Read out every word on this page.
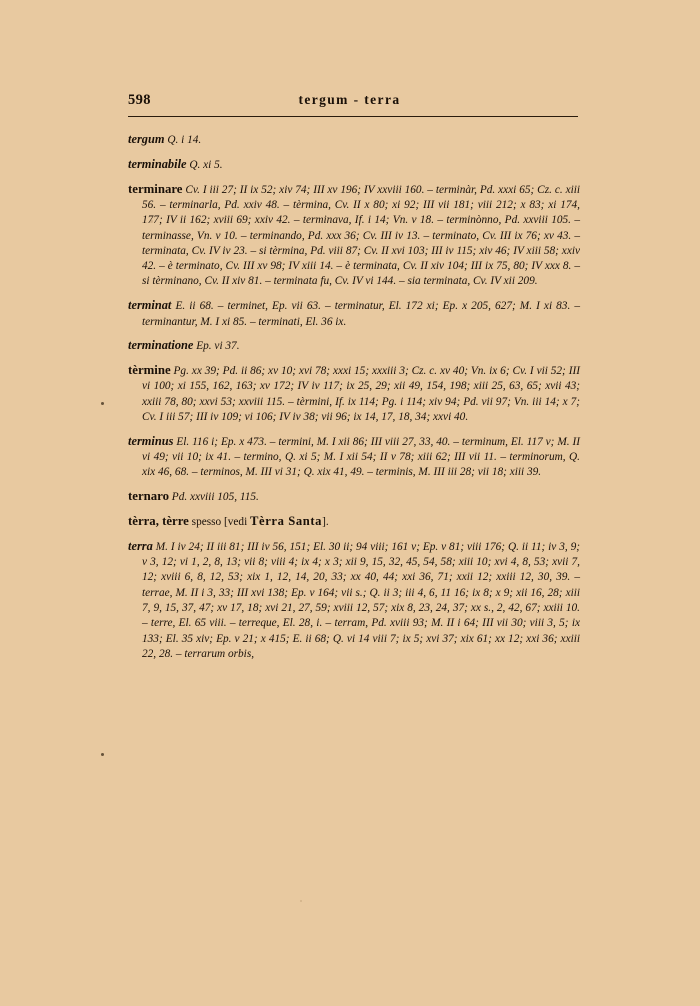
598	tergum - terra
tergum Q. i 14.
terminabile Q. xi 5.
terminare Cv. I iii 27; II ix 52; xiv 74; III xv 196; IV xxviii 160. – terminàr, Pd. xxxi 65; Cz. c. xiii 56. – terminarla, Pd. xxiv 48. – tèrmina, Cv. II x 80; xi 92; III vii 181; viii 212; x 83; xi 174, 177; IV ii 162; xviii 69; xxiv 42. – terminava, If. i 14; Vn. v 18. – terminònno, Pd. xxviii 105. – terminasse, Vn. v 10. – terminando, Pd. xxx 36; Cv. III iv 13. – terminato, Cv. III ix 76; xv 43. – terminata, Cv. IV iv 23. – si tèrmina, Pd. viii 87; Cv. II xvi 103; III iv 115; xiv 46; IV xiii 58; xxiv 42. – è terminato, Cv. III xv 98; IV xiii 14. – è terminata, Cv. II xiv 104; III ix 75, 80; IV xxx 8. – si tèrminano, Cv. II xiv 81. – terminata fu, Cv. IV vi 144. – sia terminata, Cv. IV xii 209.
terminat E. ii 68. – terminet, Ep. vii 63. – terminatur, El. 172 xi; Ep. x 205, 627; M. I xi 83. – terminantur, M. I xi 85. – terminati, El. 36 ix.
terminatione Ep. vi 37.
tèrmine Pg. xx 39; Pd. ii 86; xv 10; xvi 78; xxxi 15; xxxiii 3; Cz. c. xv 40; Vn. ix 6; Cv. I vii 52; III vi 100; xi 155, 162, 163; xv 172; IV iv 117; ix 25, 29; xii 49, 154, 198; xiii 25, 63, 65; xvii 43; xxiii 78, 80; xxvi 53; xxviii 115. – tèrmini, If. ix 114; Pg. i 114; xiv 94; Pd. vii 97; Vn. iii 14; x 7; Cv. I iii 57; III iv 109; vi 106; IV iv 38; vii 96; ix 14, 17, 18, 34; xxvi 40.
terminus El. 116 i; Ep. x 473. – termini, M. I xii 86; III viii 27, 33, 40. – terminum, El. 117 v; M. II vi 49; vii 10; ix 41. – termino, Q. xi 5; M. I xii 54; II v 78; xiii 62; III vii 11. – terminorum, Q. xix 46, 68. – terminos, M. III vi 31; Q. xix 41, 49. – terminis, M. III iii 28; vii 18; xiii 39.
ternaro Pd. xxviii 105, 115.
tèrra, tèrre spesso [vedi Tèrra Santa].
terra M. I iv 24; II iii 81; III iv 56, 151; El. 30 ii; 94 viii; 161 v; Ep. v 81; viii 176; Q. ii 11; iv 3, 9; v 3, 12; vi 1, 2, 8, 13; vii 8; viii 4; ix 4; x 3; xii 9, 15, 32, 45, 54, 58; xiii 10; xvi 4, 8, 53; xvii 7, 12; xviii 6, 8, 12, 53; xix 1, 12, 14, 20, 33; xx 40, 44; xxi 36, 71; xxii 12; xxiii 12, 30, 39. – terrae, M. II i 3, 33; III xvi 138; Ep. v 164; vii s.; Q. ii 3; iii 4, 6, 11 16; ix 8; x 9; xii 16, 28; xiii 7, 9, 15, 37, 47; xv 17, 18; xvi 21, 27, 59; xviii 12, 57; xix 8, 23, 24, 37; xx s., 2, 42, 67; xxiii 10. – terre, El. 65 viii. – terreque, El. 28, i. – terram, Pd. xviii 93; M. II i 64; III vii 30; viii 3, 5; ix 133; El. 35 xiv; Ep. v 21; x 415; E. ii 68; Q. vi 14 viii 7; ix 5; xvi 37; xix 61; xx 12; xxi 36; xxiii 22, 28. – terrarum orbis,
